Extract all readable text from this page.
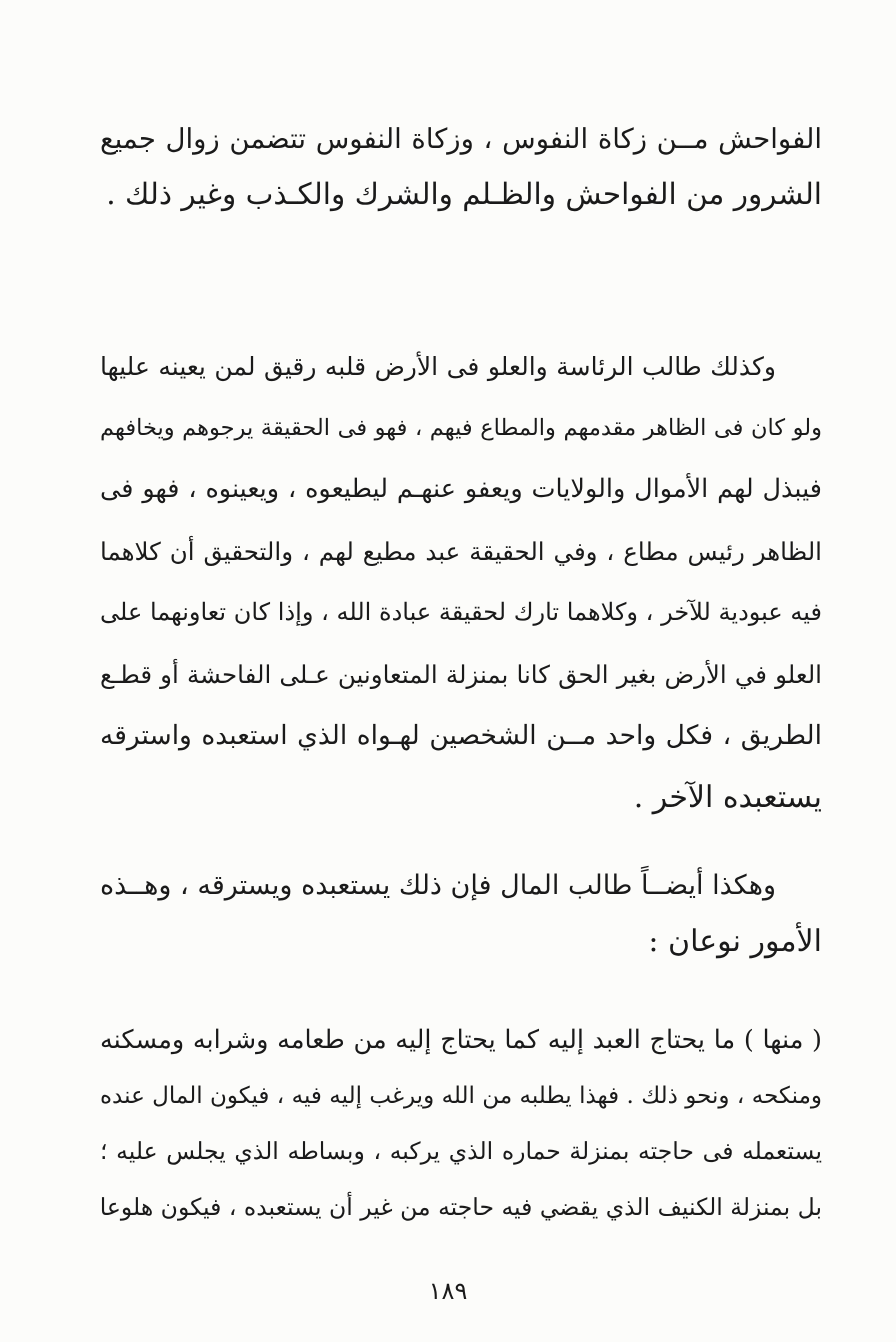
الفواحش مــن زكاة النفوس ، وزكاة النفوس تتضمن زوال جميع

الشرور من الفواحش والظـلم والشرك والكـذب وغير ذلك .

وكذلك طالب الرئاسة والعلو فى الأرض قلبه رقيق لمن يعينه عليها

ولو كان فى الظاهر مقدمهم والمطاع فيهم ، فهو فى الحقيقة يرجوهم ويخافهم

فيبذل لهم الأموال والولايات ويعفو عنهـم ليطيعوه ، ويعينوه ، فهو فى

الظاهر رئيس مطاع ، وفي الحقيقة عبد مطيع لهم ، والتحقيق أن كلاهما

فيه عبودية للآخر ، وكلاهما تارك لحقيقة عبادة الله ، وإذا كان تعاونهما على

العلو في الأرض بغير الحق كانا بمنزلة المتعاونين عـلى الفاحشة أو قطـع

الطريق ، فكل واحد مــن الشخصين لهـواه الذي استعبده واسترقه

يستعبده الآخر .

وهكذا أيضــاً طالب المال فإن ذلك يستعبده ويسترقه ، وهــذه

الأمور نوعان :

( منها ) ما يحتاج العبد إليه كما يحتاج إليه من طعامه وشرابه ومسكنه

ومنكحه ، ونحو ذلك . فهذا يطلبه من الله ويرغب إليه فيه ، فيكون المال عنده

يستعمله فى حاجته بمنزلة حماره الذي يركبه ، وبساطه الذي يجلس عليه ؛

بل بمنزلة الكنيف الذي يقضي فيه حاجته من غير أن يستعبده ، فيكون هلوعا

١٨٩
